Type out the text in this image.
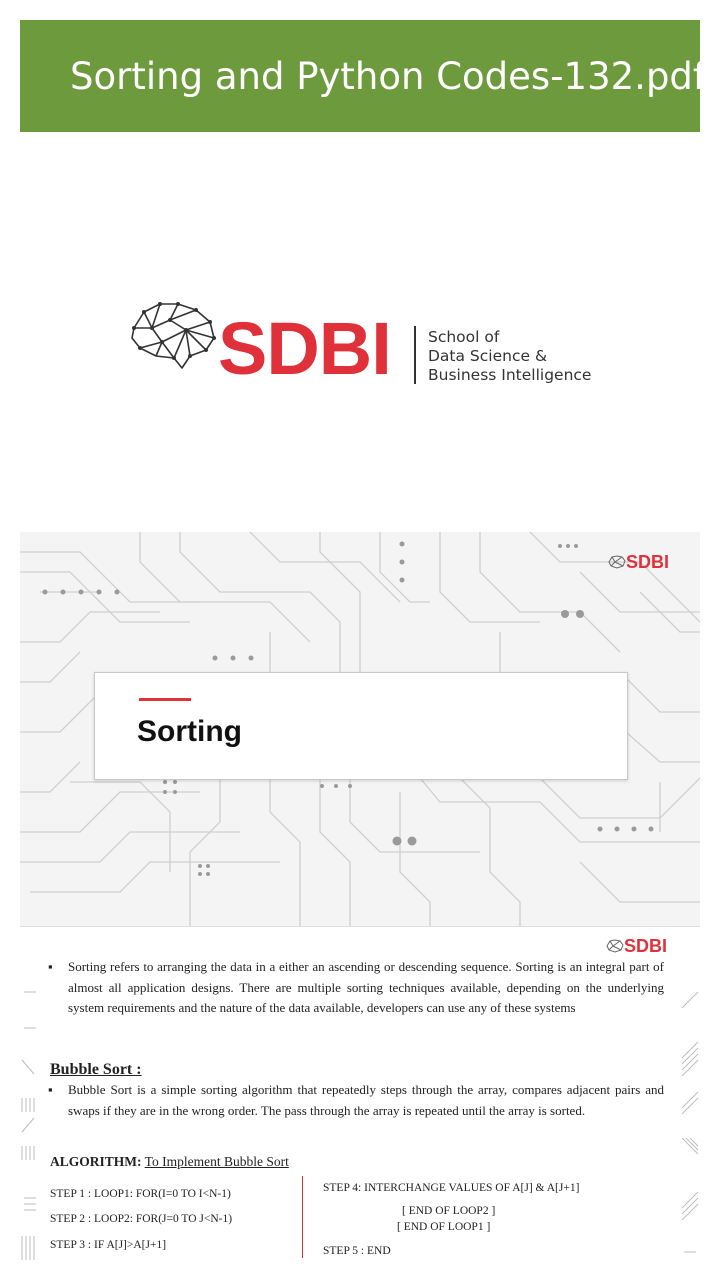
Sorting and Python Codes-132.pdf
SDBI School of
Data Science &
Business Intelligence
SDBI
Sorting
SDBI
▪	Sorting refers to arranging the data in a either an ascending or descending sequence. Sorting is an integral part of almost all application designs. There are multiple sorting techniques available, depending on the underlying system requirements and the nature of the data available, developers can use any of these systems
Bubble Sort :
▪	Bubble Sort is a simple sorting algorithm that repeatedly steps through the array, compares adjacent pairs and swaps if they are in the wrong order. The pass through the array is repeated until the array is sorted.
ALGORITHM: To Implement Bubble Sort
STEP 1 : LOOP1: FOR(I=0 TO I<N-1)
STEP 2 : LOOP2: FOR(J=0 TO J<N-1)
STEP 3 : IF A[J]>A[J+1]
STEP 4: INTERCHANGE VALUES OF A[J] & A[J+1]
[ END OF LOOP2 ]
[ END OF LOOP1 ]
STEP 5 : END
